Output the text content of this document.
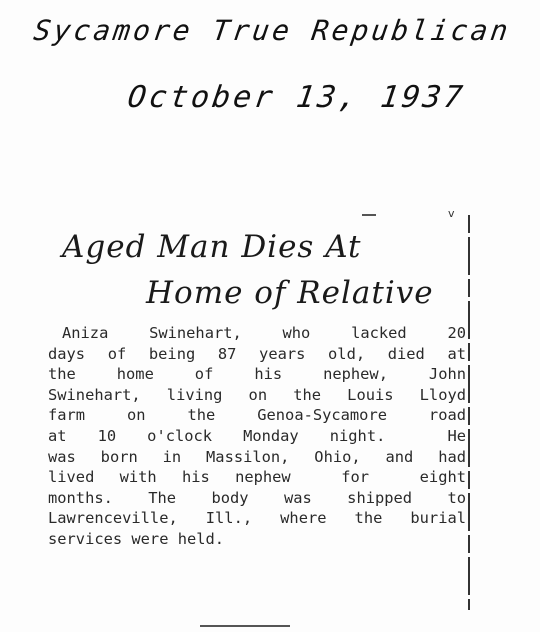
Sycamore True Republican
October 13, 1937
v
Aged Man Dies At
Home of Relative
Aniza Swinehart, who lacked 20
days of being 87 years old, died at
the home of his nephew, John
Swinehart, living on the Louis Lloyd
farm on the Genoa-Sycamore road
at 10 o'clock Monday night.  He
was born in Massilon, Ohio, and had
lived with his nephew  for  eight
months. The body was shipped to
Lawrenceville, Ill., where the burial
services were held.
